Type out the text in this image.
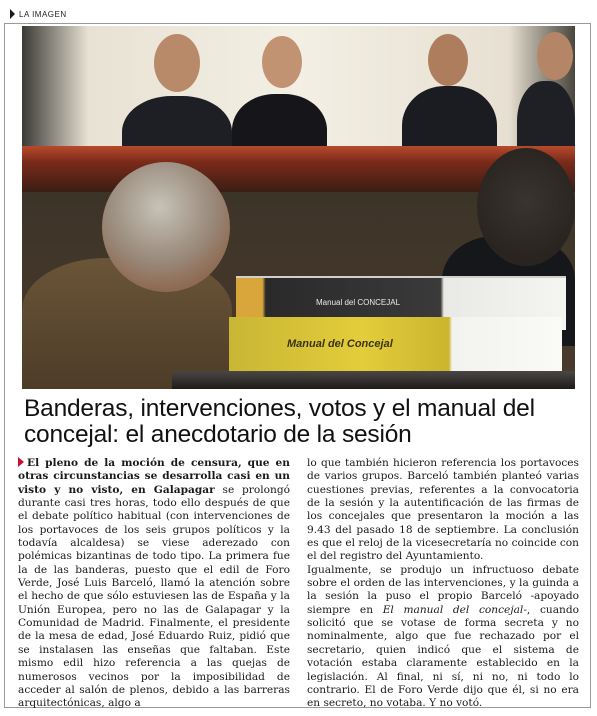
LA IMAGEN
Manual del CONCEJAL
Manual del Concejal
Banderas, intervenciones, votos y el manual del concejal: el anecdotario de la sesión

El pleno de la moción de censura, que en otras circunstancias se desarrolla casi en un visto y no visto, en Galapagar se prolongó durante casi tres horas, todo ello después de que el debate político habitual (con intervenciones de los portavoces de los seis grupos políticos y la todavía alcaldesa) se viese aderezado con polémicas bizantinas de todo tipo. La primera fue la de las banderas, puesto que el edil de Foro Verde, José Luis Barceló, llamó la atención sobre el hecho de que sólo estuviesen las de España y la Unión Europea, pero no las de Galapagar y la Comunidad de Madrid. Finalmente, el presidente de la mesa de edad, José Eduardo Ruiz, pidió que se instalasen las enseñas que faltaban. Este mismo edil hizo referencia a las quejas de numerosos vecinos por la imposibilidad de acceder al salón de plenos, debido a las barreras arquitectónicas, algo a

lo que también hicieron referencia los portavoces de varios grupos. Barceló también planteó varias cuestiones previas, referentes a la convocatoria de la sesión y la autentificación de las firmas de los concejales que presentaron la moción a las 9.43 del pasado 18 de septiembre. La conclusión es que el reloj de la vicesecretaría no coincide con el del registro del Ayuntamiento.

Igualmente, se produjo un infructuoso debate sobre el orden de las intervenciones, y la guinda a la sesión la puso el propio Barceló -apoyado siempre en El manual del concejal-, cuando solicitó que se votase de forma secreta y no nominalmente, algo que fue rechazado por el secretario, quien indicó que el sistema de votación estaba claramente establecido en la legislación. Al final, ni sí, ni no, ni todo lo contrario. El de Foro Verde dijo que él, si no era en secreto, no votaba. Y no votó.
